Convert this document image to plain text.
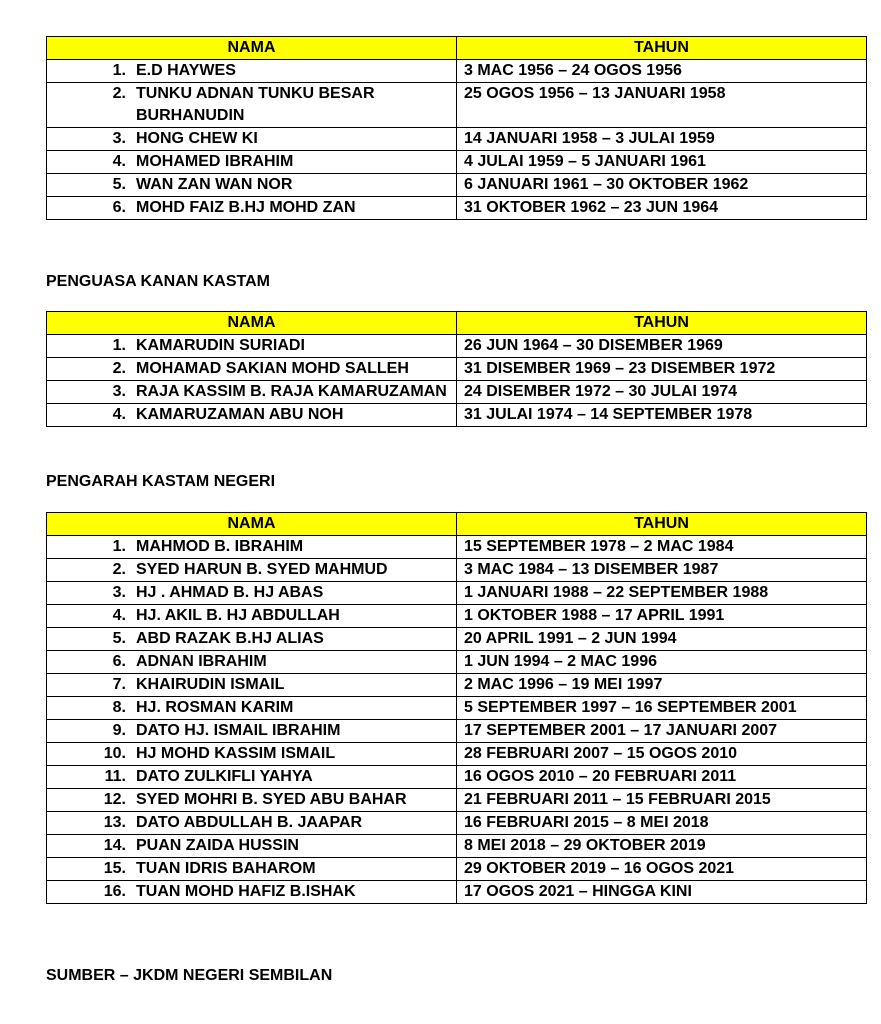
NAMA	TAHUN
1. E.D HAYWES	3 MAC 1956 – 24 OGOS 1956
2. TUNKU ADNAN TUNKU BESAR BURHANUDIN	25 OGOS 1956 – 13 JANUARI 1958
3. HONG CHEW KI	14 JANUARI 1958 – 3 JULAI 1959
4. MOHAMED IBRAHIM	4 JULAI 1959 – 5 JANUARI 1961
5. WAN ZAN WAN NOR	6 JANUARI 1961 – 30 OKTOBER 1962
6. MOHD FAIZ B.HJ MOHD ZAN	31 OKTOBER 1962 – 23 JUN 1964
PENGUASA KANAN KASTAM
NAMA	TAHUN
1. KAMARUDIN SURIADI	26 JUN 1964 – 30 DISEMBER 1969
2. MOHAMAD SAKIAN MOHD SALLEH	31 DISEMBER 1969 – 23 DISEMBER 1972
3. RAJA KASSIM B. RAJA KAMARUZAMAN	24 DISEMBER 1972 – 30 JULAI 1974
4. KAMARUZAMAN ABU NOH	31 JULAI 1974 – 14 SEPTEMBER 1978
PENGARAH KASTAM NEGERI
NAMA	TAHUN
1. MAHMOD B. IBRAHIM	15 SEPTEMBER 1978 – 2 MAC 1984
2. SYED HARUN B. SYED MAHMUD	3 MAC 1984 – 13 DISEMBER 1987
3. HJ . AHMAD B. HJ ABAS	1 JANUARI 1988 – 22 SEPTEMBER 1988
4. HJ. AKIL B. HJ ABDULLAH	1 OKTOBER 1988 – 17 APRIL 1991
5. ABD RAZAK B.HJ ALIAS	20 APRIL 1991 – 2 JUN 1994
6. ADNAN IBRAHIM	1 JUN 1994 – 2 MAC 1996
7. KHAIRUDIN ISMAIL	2 MAC 1996 – 19 MEI 1997
8. HJ. ROSMAN KARIM	5 SEPTEMBER 1997 – 16 SEPTEMBER 2001
9. DATO HJ. ISMAIL IBRAHIM	17 SEPTEMBER 2001 – 17 JANUARI 2007
10. HJ MOHD KASSIM ISMAIL	28 FEBRUARI 2007 – 15 OGOS 2010
11. DATO ZULKIFLI YAHYA	16 OGOS 2010 – 20 FEBRUARI 2011
12. SYED MOHRI B. SYED ABU BAHAR	21 FEBRUARI 2011 – 15 FEBRUARI 2015
13. DATO ABDULLAH B. JAAPAR	16 FEBRUARI 2015 – 8 MEI 2018
14. PUAN ZAIDA HUSSIN	8 MEI 2018 – 29 OKTOBER 2019
15. TUAN IDRIS BAHAROM	29 OKTOBER 2019 – 16 OGOS 2021
16. TUAN MOHD HAFIZ B.ISHAK	17 OGOS 2021 – HINGGA KINI
SUMBER – JKDM NEGERI SEMBILAN
